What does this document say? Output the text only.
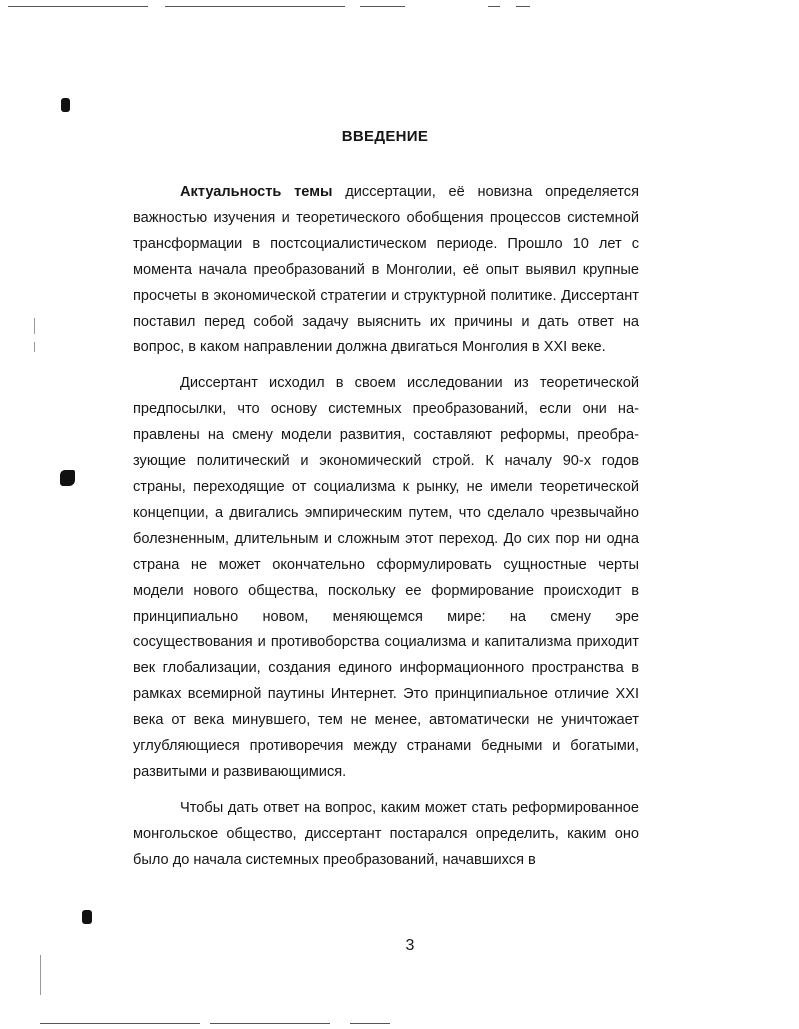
ВВЕДЕНИЕ

Актуальность темы диссертации, её новизна определяется важностью изучения и теоретического обобщения процессов системной трансформации в постсоциалистическом периоде. Прошло 10 лет с момента начала преобразований в Монголии, её опыт выявил крупные просчеты в экономической стратегии и структурной политике. Диссертант поставил перед собой задачу выяснить их причины и дать ответ на вопрос, в каком направлении должна двигаться Монголия в XXI веке.

Диссертант исходил в своем исследовании из теоретической предпосылки, что основу системных преобразований, если они направлены на смену модели развития, составляют реформы, преобразующие политический и экономический строй. К началу 90-х годов страны, переходящие от социализма к рынку, не имели теоретической концепции, а двигались эмпирическим путем, что сделало чрезвычайно болезненным, длительным и сложным этот переход. До сих пор ни одна страна не может окончательно сформулировать сущностные черты модели нового общества, поскольку ее формирование происходит в принципиально новом, меняющемся мире: на смену эре сосуществования и противоборства социализма и капитализма приходит век глобализации, создания единого информационного пространства в рамках всемирной паутины Интернет. Это принципиальное отличие XXI века от века минувшего, тем не менее, автоматически не уничтожает углубляющиеся противоречия между странами бедными и богатыми, развитыми и развивающимися.

Чтобы дать ответ на вопрос, каким может стать реформированное монгольское общество, диссертант постарался определить, каким оно было до начала системных преобразований, начавшихся в

3
